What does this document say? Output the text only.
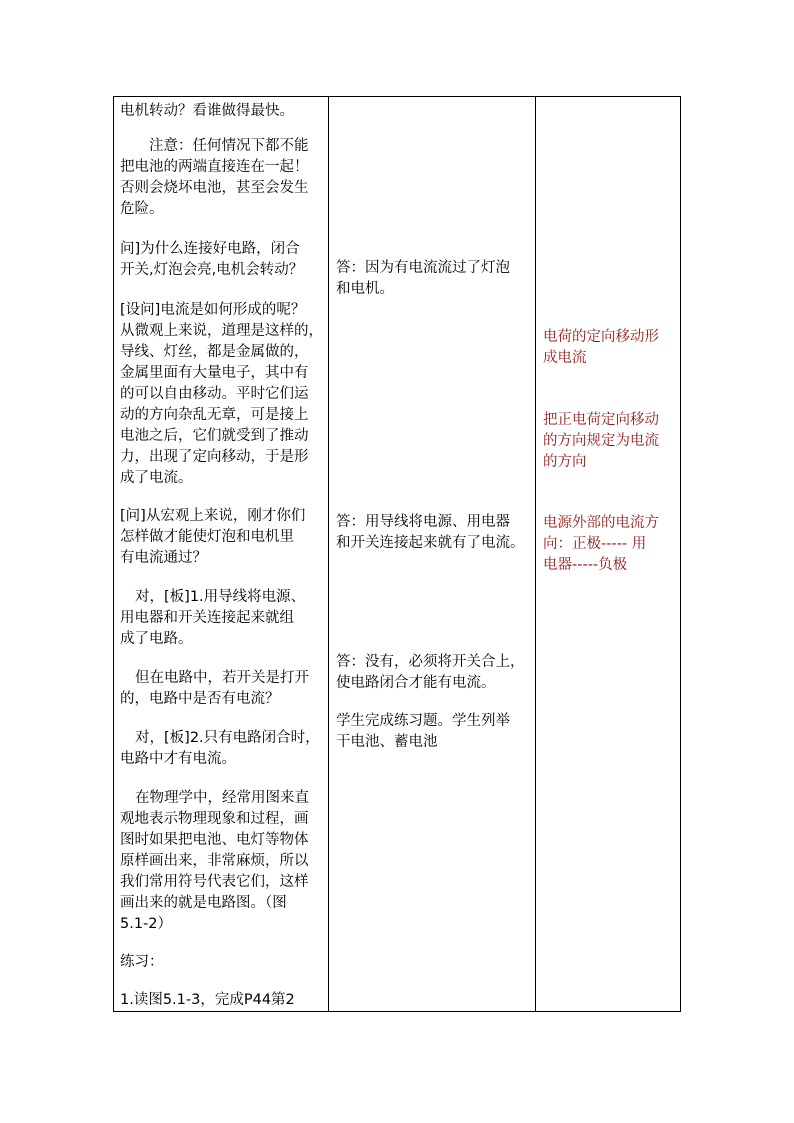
电机转动？看谁做得最快。
注意：任何情况下都不能
把电池的两端直接连在一起！
否则会烧坏电池，甚至会发生
危险。
问]为什么连接好电路，闭合
开关,灯泡会亮,电机会转动？
[设问]电流是如何形成的呢？
从微观上来说，道理是这样的，
导线、灯丝，都是金属做的，
金属里面有大量电子，其中有
的可以自由移动。平时它们运
动的方向杂乱无章，可是接上
电池之后，它们就受到了推动
力，出现了定向移动，于是形
成了电流。
[问]从宏观上来说，刚才你们
怎样做才能使灯泡和电机里
有电流通过？
对，[板]1.用导线将电源、
用电器和开关连接起来就组
成了电路。
但在电路中，若开关是打开
的，电路中是否有电流？
对，[板]2.只有电路闭合时，
电路中才有电流。
在物理学中，经常用图来直
观地表示物理现象和过程，画
图时如果把电池、电灯等物体
原样画出来，非常麻烦，所以
我们常用符号代表它们，这样
画出来的就是电路图。（图
5.1-2）
练习：
1.读图5.1-3，完成P44第2
答：因为有电流流过了灯泡
和电机。
答：用导线将电源、用电器
和开关连接起来就有了电流。
答：没有，必须将开关合上，
使电路闭合才能有电流。
学生完成练习题。学生列举
干电池、蓄电池
电荷的定向移动形
成电流
把正电荷定向移动
的方向规定为电流
的方向
电源外部的电流方
向：正极----- 用
电器-----负极
